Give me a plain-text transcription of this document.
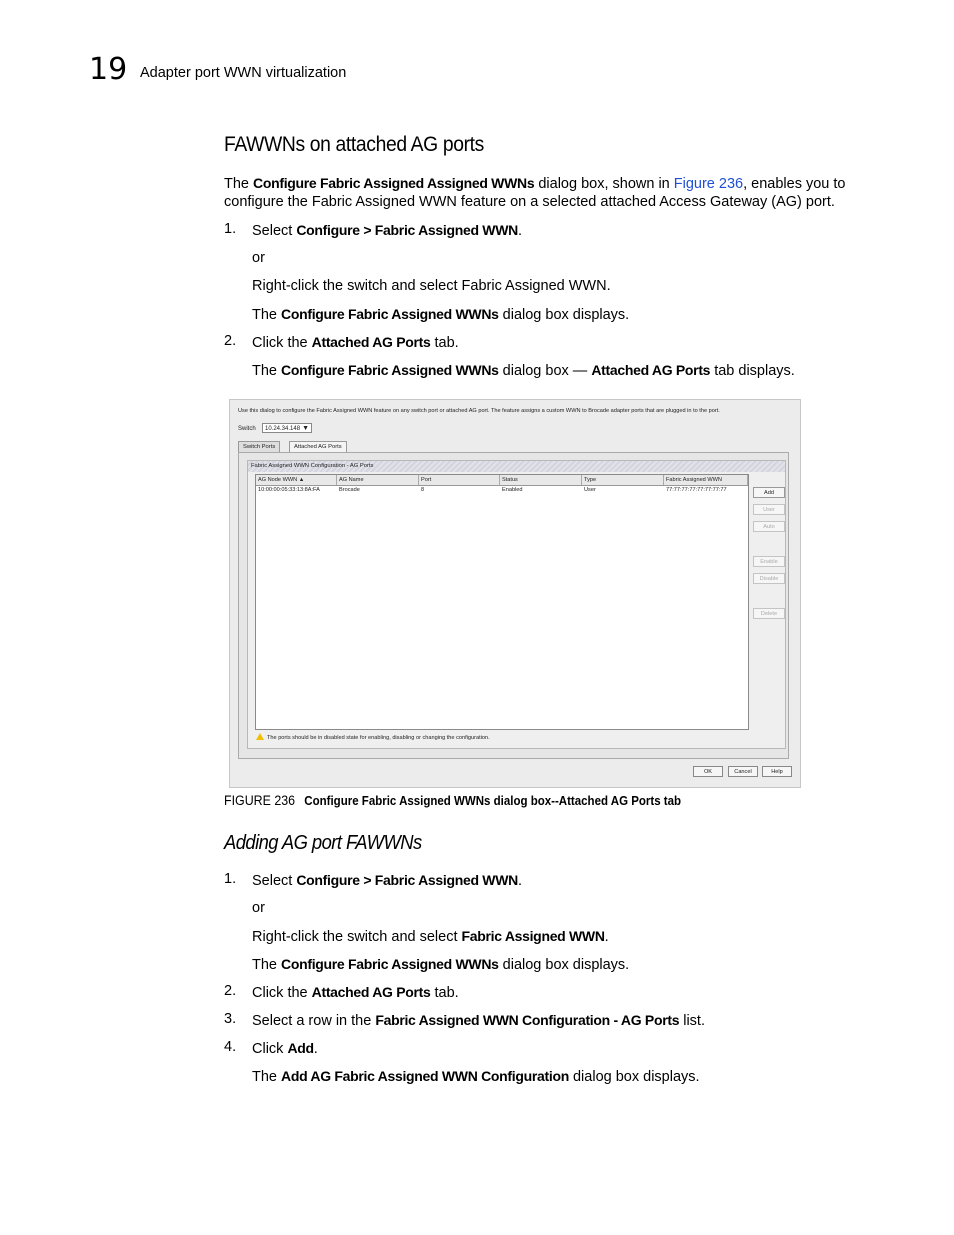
19 Adapter port WWN virtualization
FAWWNs on attached AG ports
The Configure Fabric Assigned Assigned WWNs dialog box, shown in Figure 236, enables you to
configure the Fabric Assigned WWN feature on a selected attached Access Gateway (AG) port.
1. Select Configure > Fabric Assigned WWN.
or
Right-click the switch and select Fabric Assigned WWN.
The Configure Fabric Assigned WWNs dialog box displays.
2. Click the Attached AG Ports tab.
The Configure Fabric Assigned WWNs dialog box — Attached AG Ports tab displays.
Use this dialog to configure the Fabric Assigned WWN feature on any switch port or attached AG port. The feature assigns a custom WWN to Brocade adapter ports that are plugged in to the port.
Switch	10.24.34.148 ▼
Switch Ports	Attached AG Ports
Fabric Assigned WWN Configuration - AG Ports
AG Node WWN ▲	AG Name	Port	Status	Type	Fabric Assigned WWN
10:00:00:05:33:13:8A:FA	Brocade	8	Enabled	User	77:77:77:77:77:77:77:77	Add
User
Auto
Enable
Disable
Delete
The ports should be in disabled state for enabling, disabling or changing the configuration.
OK	Cancel	Help
FIGURE 236 Configure Fabric Assigned WWNs dialog box--Attached AG Ports tab
Adding AG port FAWWNs
1. Select Configure > Fabric Assigned WWN.
or
Right-click the switch and select Fabric Assigned WWN.
The Configure Fabric Assigned WWNs dialog box displays.
2. Click the Attached AG Ports tab.
3. Select a row in the Fabric Assigned WWN Configuration - AG Ports list.
4. Click Add.
The Add AG Fabric Assigned WWN Configuration dialog box displays.
